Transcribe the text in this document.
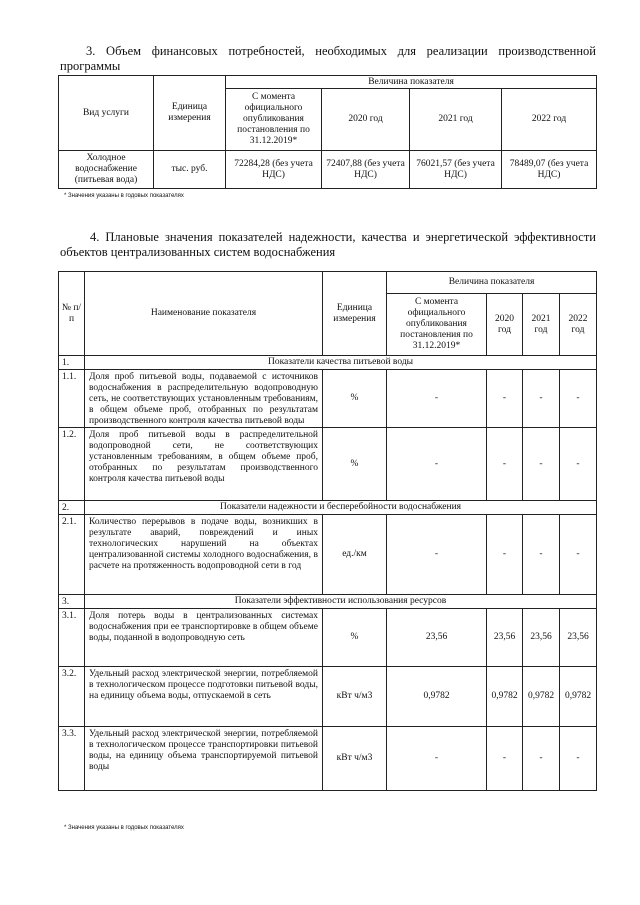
3. Объем финансовых потребностей, необходимых для реализации производственной программы
Вид услуги	Единица измерения	Величина показателя			
		С момента официального опубликования постановления по 31.12.2019*	2020 год	2021 год	2022 год
Холодное водоснабжение (питьевая вода)	тыс. руб.	72284,28 (без учета НДС)	72407,88 (без учета НДС)	76021,57 (без учета НДС)	78489,07 (без учета НДС)
* Значения указаны в годовых показателях
4. Плановые значения показателей надежности, качества и энергетической эффективности объектов централизованных систем водоснабжения
№ п/п	Наименование показателя	Единица измерения	Величина показателя			
			С момента официального опубликования постановления по 31.12.2019*	2020 год	2021 год	2022 год
1.	Показатели качества питьевой воды					
1.1.	Доля проб питьевой воды, подаваемой с источников водоснабжения в распределительную водопроводную сеть, не соответствующих установленным требованиям, в общем объеме проб, отобранных по результатам производственного контроля качества питьевой воды	%	-	-	-	-
1.2.	Доля проб питьевой воды в распределительной водопроводной сети, не соответствующих установленным требованиям, в общем объеме проб, отобранных по результатам производственного контроля качества питьевой воды	%	-	-	-	-
2.	Показатели надежности и бесперебойности водоснабжения					
2.1.	Количество перерывов в подаче воды, возникших в результате аварий, повреждений и иных технологических нарушений на объектах централизованной системы холодного водоснабжения, в расчете на протяженность водопроводной сети в год	ед./км	-	-	-	-
3.	Показатели эффективности использования ресурсов					
3.1.	Доля потерь воды в централизованных системах водоснабжения при ее транспортировке в общем объеме воды, поданной в водопроводную сеть	%	23,56	23,56	23,56	23,56
3.2.	Удельный расход электрической энергии, потребляемой в технологическом процессе подготовки питьевой воды, на единицу объема воды, отпускаемой в сеть	кВт ч/м3	0,9782	0,9782	0,9782	0,9782
3.3.	Удельный расход электрической энергии, потребляемой в технологическом процессе транспортировки питьевой воды, на единицу объема транспортируемой питьевой воды	кВт ч/м3	-	-	-	-
* Значения указаны в годовых показателях
